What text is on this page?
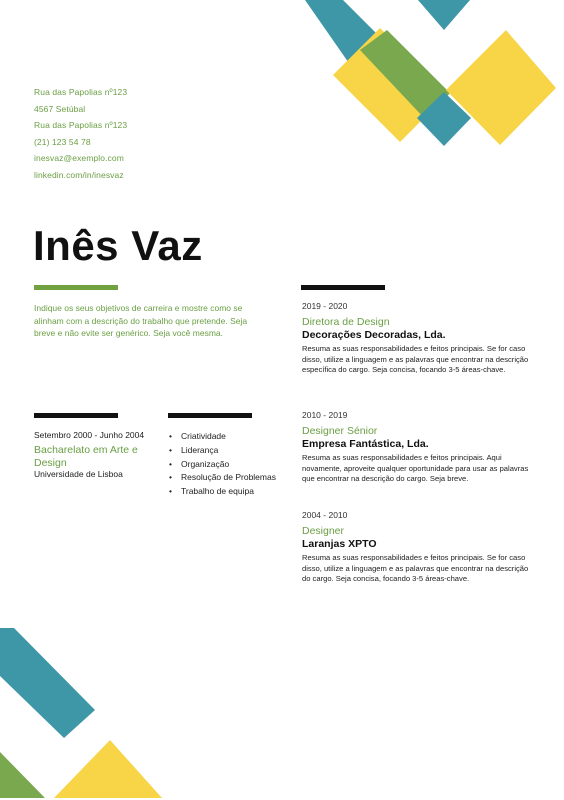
Rua das Papolias nº123
4567 Setúbal
Rua das Papolias nº123
(21) 123 54 78
inesvaz@exemplo.com
linkedin.com/in/inesvaz
Inês Vaz
Indique os seus objetivos de carreira e mostre como se alinham com a descrição do trabalho que pretende. Seja breve e não evite ser genérico. Seja você mesma.
2019 - 2020
Diretora de Design
Decorações Decoradas, Lda.
Resuma as suas responsabilidades e feitos principais. Se for caso disso, utilize a linguagem e as palavras que encontrar na descrição específica do cargo. Seja concisa, focando 3-5 áreas-chave.
2010 - 2019
Designer Sénior
Empresa Fantástica, Lda.
Resuma as suas responsabilidades e feitos principais. Aqui novamente, aproveite qualquer oportunidade para usar as palavras que encontrar na descrição do cargo. Seja breve.
2004 - 2010
Designer
Laranjas XPTO
Resuma as suas responsabilidades e feitos principais. Se for caso disso, utilize a linguagem e as palavras que encontrar na descrição do cargo. Seja concisa, focando 3-5 áreas-chave.
Setembro 2000 - Junho 2004
Bacharelato em Arte e Design
Universidade de Lisboa
• Criatividade
• Liderança
• Organização
• Resolução de Problemas
• Trabalho de equipa
